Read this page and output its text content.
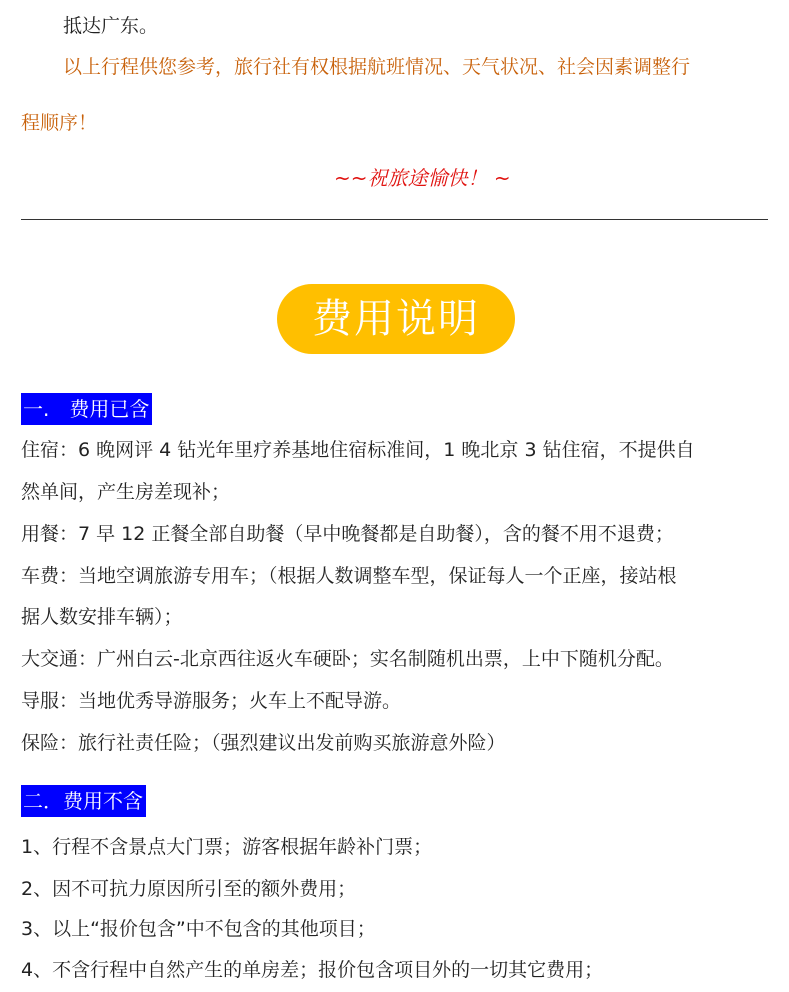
抵达广东。
以上行程供您参考，旅行社有权根据航班情况、天气状况、社会因素调整行
程顺序！
~~祝旅途愉快！ ~
费用说明
一.　费用已含
住宿：6 晚网评 4 钻光年里疗养基地住宿标准间，1 晚北京 3 钻住宿，不提供自
然单间，产生房差现补；
用餐：7 早 12 正餐全部自助餐（早中晚餐都是自助餐），含的餐不用不退费；
车费：当地空调旅游专用车；（根据人数调整车型，保证每人一个正座，接站根
据人数安排车辆）；
大交通：广州白云-北京西往返火车硬卧；实名制随机出票，上中下随机分配。
导服：当地优秀导游服务；火车上不配导游。
保险：旅行社责任险；（强烈建议出发前购买旅游意外险）
二．费用不含
1、行程不含景点大门票；游客根据年龄补门票；
2、因不可抗力原因所引至的额外费用；
3、以上“报价包含”中不包含的其他项目；
4、不含行程中自然产生的单房差；报价包含项目外的一切其它费用；
